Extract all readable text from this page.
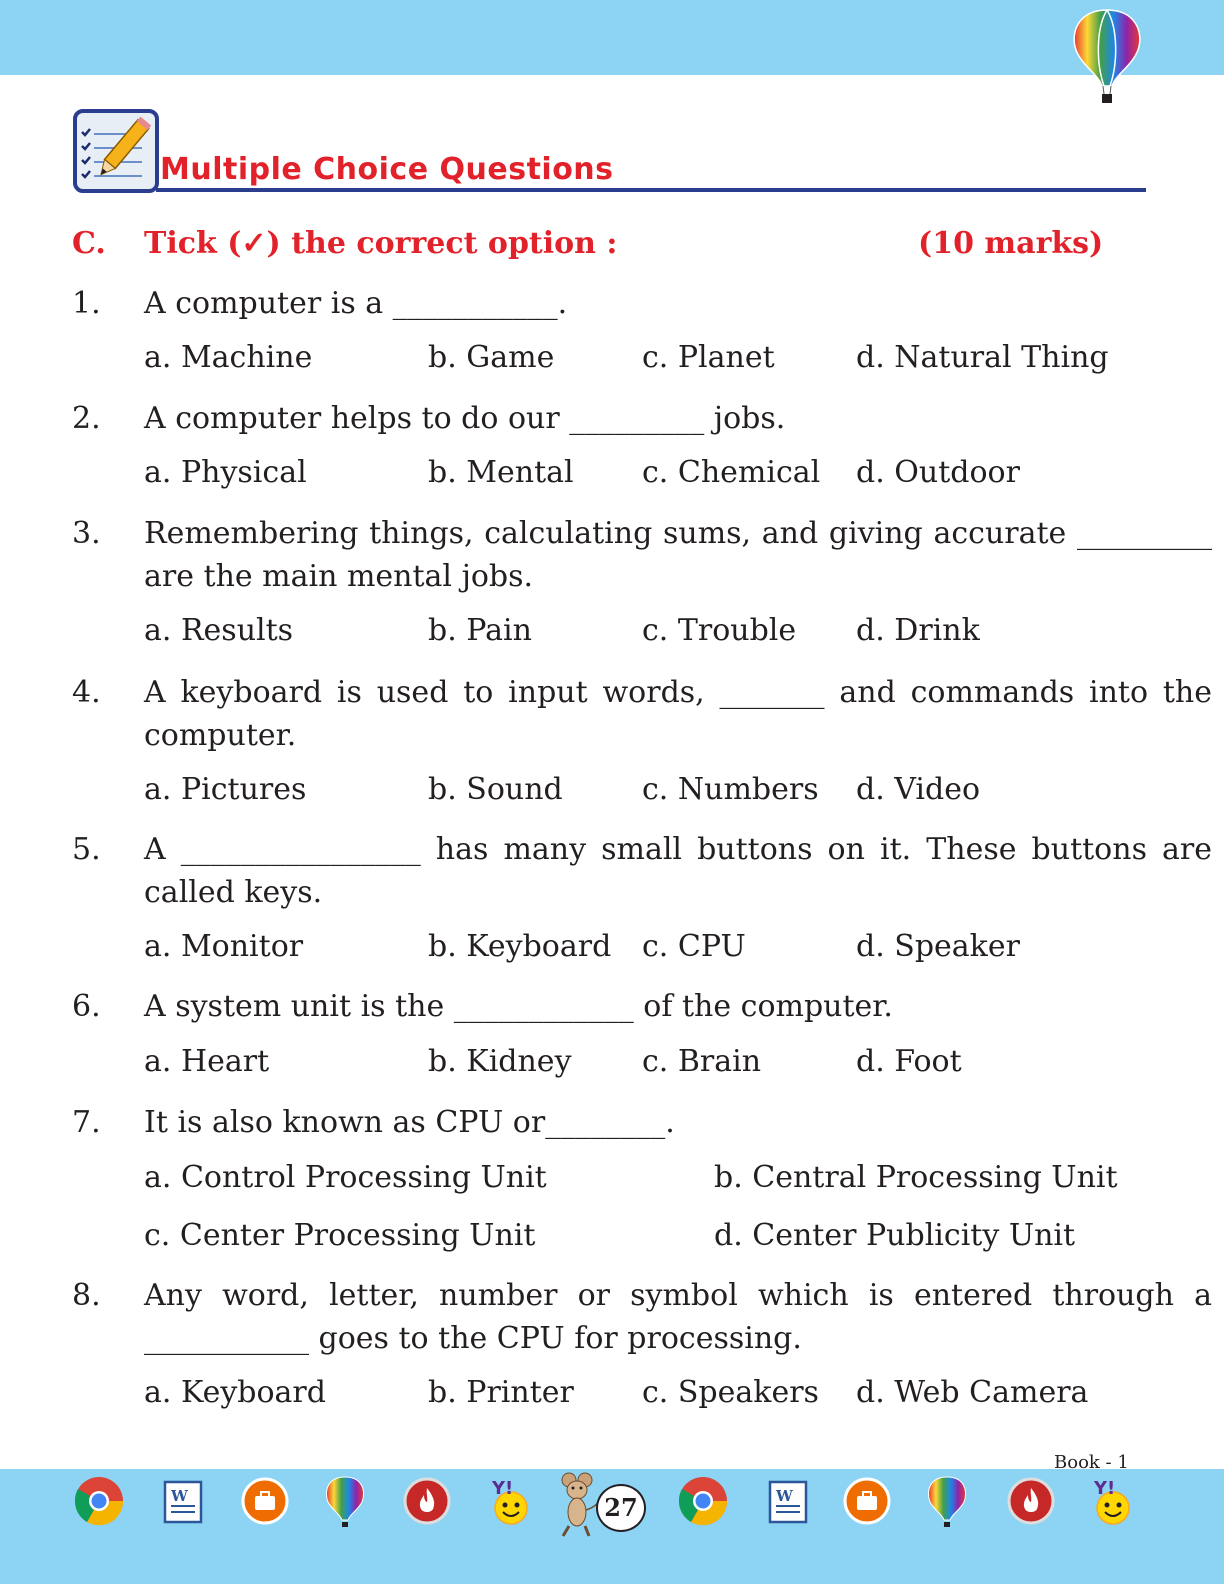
Multiple Choice Questions
C. Tick (✓) the correct option :	(10 marks)
1.	A computer is a ___________.
a. Machine	b. Game	c. Planet	d. Natural Thing
2.	A computer helps to do our _________ jobs.
a. Physical	b. Mental c. Chemical d. Outdoor
3.	Remembering things, calculating sums, and giving accurate _________ are the main mental jobs.
a. Results	b. Pain	c. Trouble d. Drink
4.	A keyboard is used to input words, _______ and commands into the computer.
a. Pictures	b. Sound	c. Numbers d. Video
5.	A ________________ has many small buttons on it. These buttons are called keys.
a. Monitor	b. Keyboard c. CPU	d. Speaker
6.	A system unit is the ____________ of the computer.
a. Heart	b. Kidney c. Brain	d. Foot
7.	It is also known as CPU or________.
a. Control Processing Unit	b. Central Processing Unit
c. Center Processing Unit	d. Center Publicity Unit
8.	Any word, letter, number or symbol which is entered through a ___________ goes to the CPU for processing.
a. Keyboard	b. Printer c. Speakers d. Web Camera
Book - 1
W	Y!	W	Y!
27
